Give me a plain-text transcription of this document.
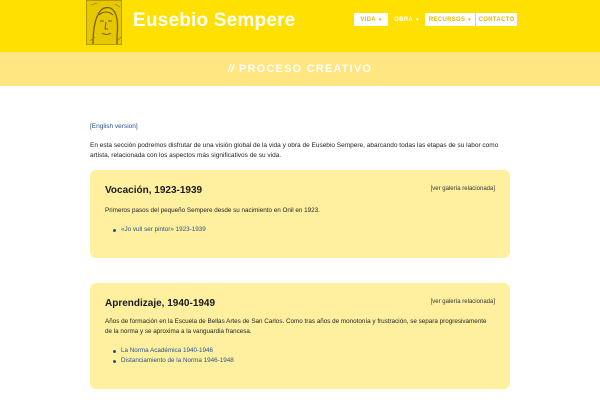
Eusebio Sempere	VIDA ▾ OBRA ▾ RECURSOS ▾ CONTACTO
// PROCESO CREATIVO
[English version]

En esta sección podremos disfrutar de una visión global de la vida y obra de Eusebio Sempere, abarcando todas las etapas de su labor como artista, relacionada con los aspectos más significativos de su vida.

Vocación, 1923-1939	[ver galería relacionada]

Primeros pasos del pequeño Sempere desde su nacimiento en Onil en 1923.

«Jo vull ser pintor» 1923-1939
Aprendizaje, 1940-1949	[ver galería relacionada]

Años de formación en la Escuela de Bellas Artes de San Carlos. Como tras años de monotonía y frustración, se separa progresivamente de la norma y se aproxima a la vanguardia francesa.

La Norma Académica 1940-1946
Distanciamiento de la Norma 1946-1948
